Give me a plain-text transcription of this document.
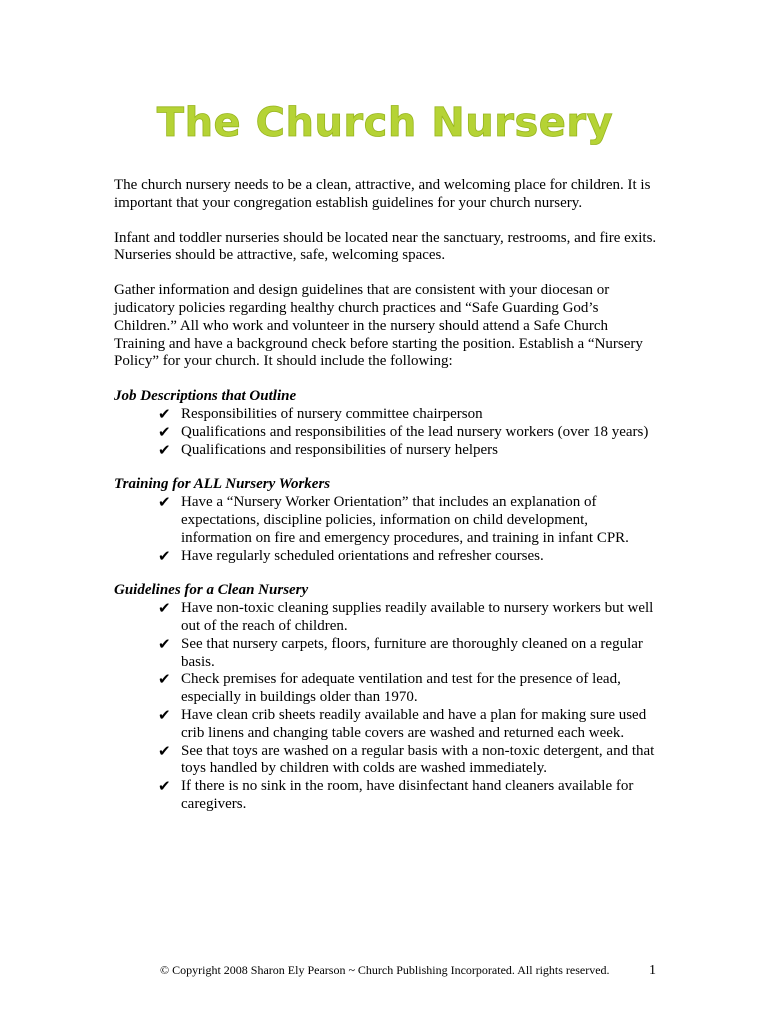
The Church Nursery

The church nursery needs to be a clean, attractive, and welcoming place for children. It is important that your congregation establish guidelines for your church nursery.

Infant and toddler nurseries should be located near the sanctuary, restrooms, and fire exits. Nurseries should be attractive, safe, welcoming spaces.

Gather information and design guidelines that are consistent with your diocesan or judicatory policies regarding healthy church practices and “Safe Guarding God’s Children.” All who work and volunteer in the nursery should attend a Safe Church Training and have a background check before starting the position. Establish a “Nursery Policy” for your church. It should include the following:

Job Descriptions that Outline

✔ Responsibilities of nursery committee chairperson
✔ Qualifications and responsibilities of the lead nursery workers (over 18 years)
✔ Qualifications and responsibilities of nursery helpers

Training for ALL Nursery Workers

✔ Have a “Nursery Worker Orientation” that includes an explanation of expectations, discipline policies, information on child development, information on fire and emergency procedures, and training in infant CPR.
✔ Have regularly scheduled orientations and refresher courses.

Guidelines for a Clean Nursery

✔ Have non-toxic cleaning supplies readily available to nursery workers but well out of the reach of children.
✔ See that nursery carpets, floors, furniture are thoroughly cleaned on a regular basis.
✔ Check premises for adequate ventilation and test for the presence of lead, especially in buildings older than 1970.
✔ Have clean crib sheets readily available and have a plan for making sure used crib linens and changing table covers are washed and returned each week.
✔ See that toys are washed on a regular basis with a non-toxic detergent, and that toys handled by children with colds are washed immediately.
✔ If there is no sink in the room, have disinfectant hand cleaners available for caregivers.
© Copyright 2008 Sharon Ely Pearson ~ Church Publishing Incorporated. All rights reserved.	1
